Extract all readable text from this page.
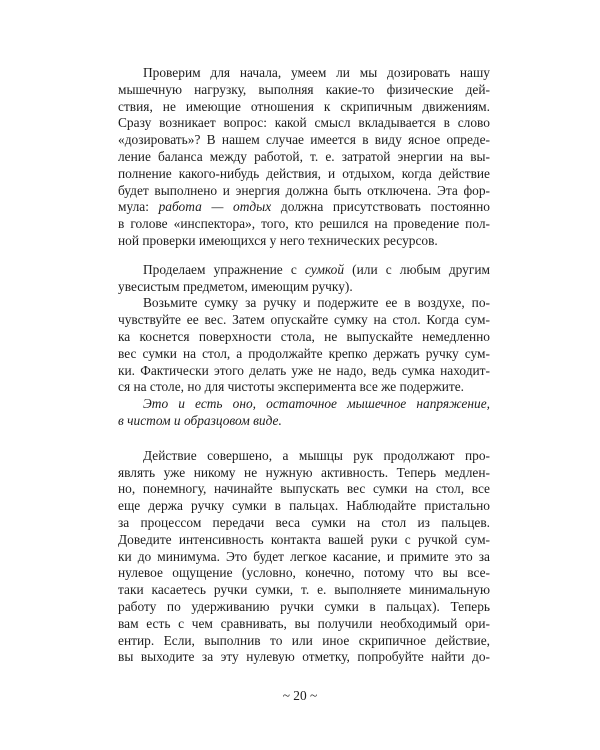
Проверим для начала, умеем ли мы дозировать нашу
мышечную нагрузку, выполняя какие-то физические дей-
ствия, не имеющие отношения к скрипичным движениям.
Сразу возникает вопрос: какой смысл вкладывается в слово
«дозировать»? В нашем случае имеется в виду ясное опреде-
ление баланса между работой, т. е. затратой энергии на вы-
полнение какого-нибудь действия, и отдыхом, когда действие
будет выполнено и энергия должна быть отключена. Эта фор-
мула: работа — отдых должна присутствовать постоянно
в голове «инспектора», того, кто решился на проведение пол-
ной проверки имеющихся у него технических ресурсов.
Проделаем упражнение с сумкой (или с любым другим
увесистым предметом, имеющим ручку).
Возьмите сумку за ручку и подержите ее в воздухе, по-
чувствуйте ее вес. Затем опускайте сумку на стол. Когда сум-
ка коснется поверхности стола, не выпускайте немедленно
вес сумки на стол, а продолжайте крепко держать ручку сум-
ки. Фактически этого делать уже не надо, ведь сумка находит-
ся на столе, но для чистоты эксперимента все же подержите.
Это и есть оно, остаточное мышечное напряжение,
в чистом и образцовом виде.
Действие совершено, а мышцы рук продолжают про-
являть уже никому не нужную активность. Теперь медлен-
но, понемногу, начинайте выпускать вес сумки на стол, все
еще держа ручку сумки в пальцах. Наблюдайте пристально
за процессом передачи веса сумки на стол из пальцев.
Доведите интенсивность контакта вашей руки с ручкой сум-
ки до минимума. Это будет легкое касание, и примите это за
нулевое ощущение (условно, конечно, потому что вы все-
таки касаетесь ручки сумки, т. е. выполняете минимальную
работу по удерживанию ручки сумки в пальцах). Теперь
вам есть с чем сравнивать, вы получили необходимый ори-
ентир. Если, выполнив то или иное скрипичное действие,
вы выходите за эту нулевую отметку, попробуйте найти до-
~ 20 ~
